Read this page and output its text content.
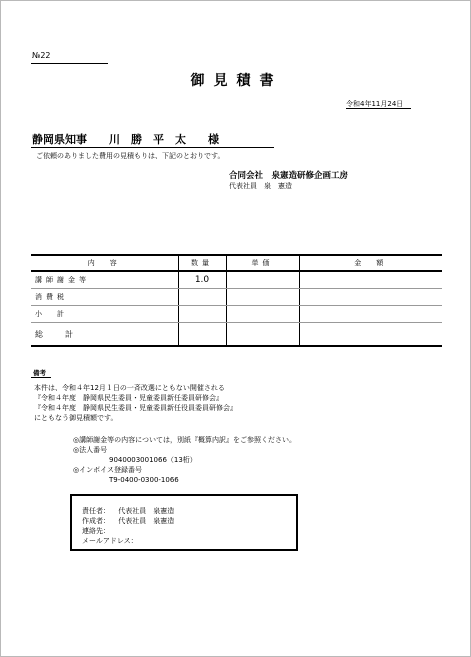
№22
御見積書
令和4年11月24日
静岡県知事　　川　勝　平　太　　様
ご依頼のありました費用の見積もりは、下記のとおりです。
合同会社　泉憲造研修企画工房
代表社員　泉　憲造
内　容	数量	単価	金　額
講師謝金等	1.0		
消費税			
小　計			
総計			
備考
本件は、令和４年12月１日の一斉改選にともない開催される
『令和４年度　静岡県民生委員・児童委員新任委員研修会』
『令和４年度　静岡県民生委員・児童委員新任役員委員研修会』
にともなう御見積額です。
◎講師謝金等の内容については，別紙『概算内訳』をご参照ください。
◎法人番号
9040003001066（13桁）
◎インボイス登録番号
T9-0400-0300-1066
責任者： 代表社員　泉憲造
作成者： 代表社員　泉憲造
連絡先：
メールアドレス：
